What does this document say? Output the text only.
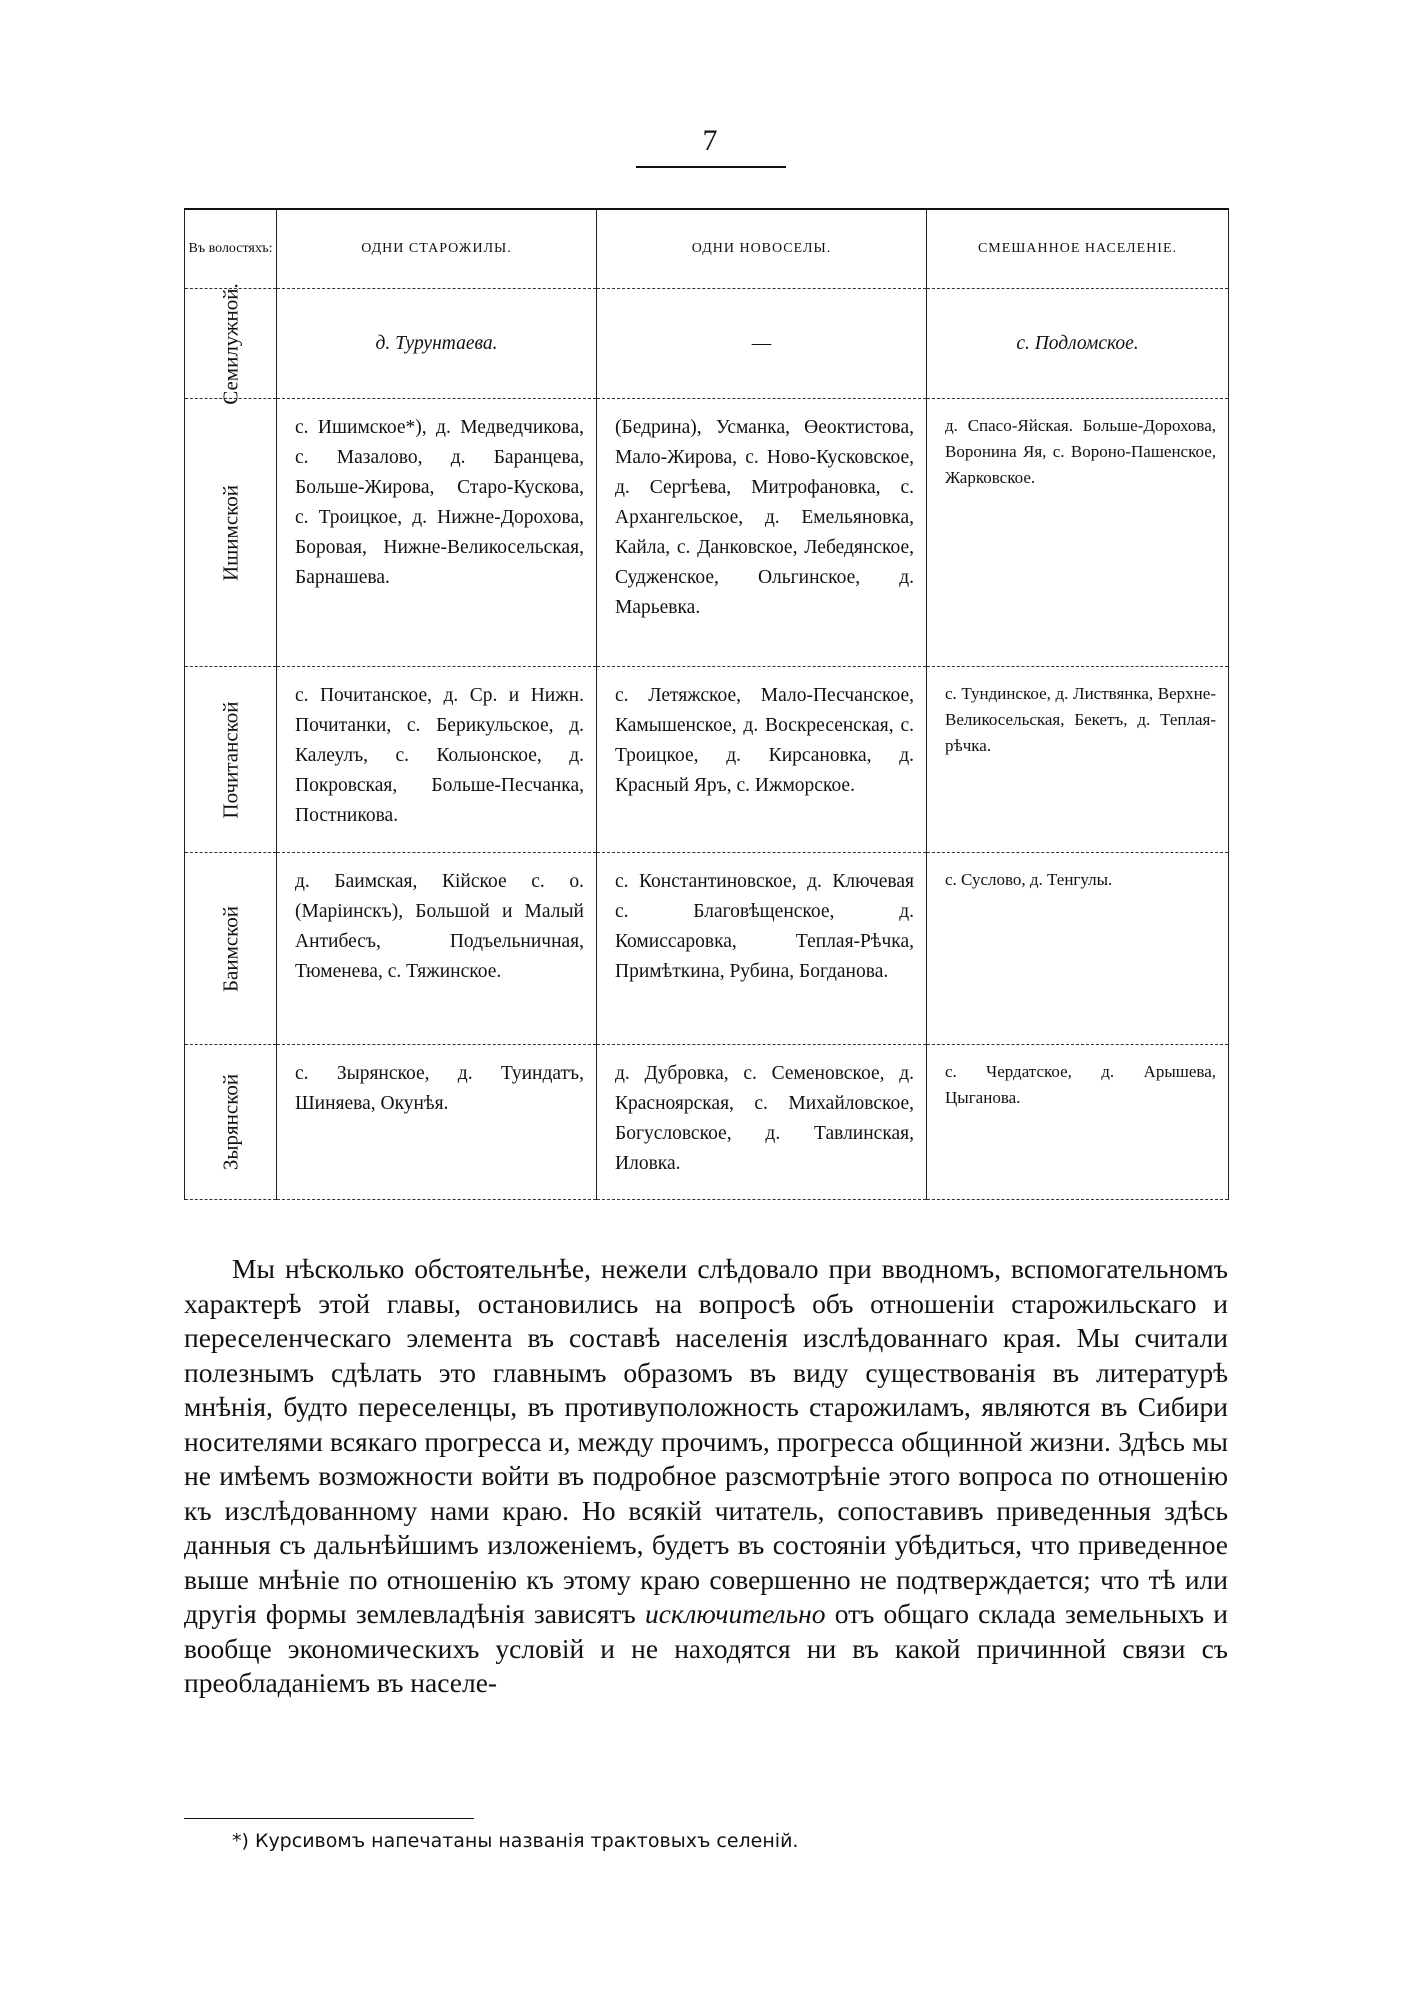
7
Въ волостяхъ:	ОДНИ СТАРОЖИЛЫ.	ОДНИ НОВОСЕЛЫ.	СМЕШАННОЕ НАСЕЛЕНІЕ.

Семилужной.	д. Турунтаева.	—	с. Подломское.

Ишимской	с. Ишимское*), д. Медведчикова, с. Мазалово, д. Баранцева, Больше-Жирова, Старо-Кускова, с. Троицкое, д. Нижне-Дорохова, Боровая, Нижне-Великосельская, Барнашева.	(Бедрина), Усманка, Өеоктистова, Мало-Жирова, с. Ново-Кусковское, д. Сергѣева, Митрофановка, с. Архангельское, д. Емельяновка, Кайла, с. Данковское, Лебедянское, Судженское, Ольгинское, д. Марьевка.	д. Спасо-Яйская. Больше-Дорохова, Воронина Яя, с. Вороно-Пашенское, Жарковское.

Почитанской	с. Почитанское, д. Ср. и Нижн. Почитанки, с. Берикульское, д. Калеулъ, с. Колыонское, д. Покровская, Больше-Песчанка, Постникова.	с. Летяжское, Мало-Песчанское, Камышенское, д. Воскресенская, с. Троицкое, д. Кирсановка, д. Красный Яръ, с. Ижморское.	с. Тундинское, д. Листвянка, Верхне-Великосельская, Бекетъ, д. Теплая-рѣчка.

Баимской	д. Баимская, Кійское с. о. (Маріинскъ), Большой и Малый Антибесъ, Подъельничная, Тюменева, с. Тяжинское.	с. Константиновское, д. Ключевая с. Благовѣщенское, д. Комиссаровка, Теплая-Рѣчка, Примѣткина, Рубина, Богданова.	с. Суслово, д. Тенгулы.

Зырянской	с. Зырянское, д. Туиндатъ, Шиняева, Окунѣя.	д. Дубровка, с. Семеновское, д. Красноярская, с. Михайловское, Богусловское, д. Тавлинская, Иловка.	с. Чердатское, д. Арышева, Цыганова.

Мы нѣсколько обстоятельнѣе, нежели слѣдовало при вводномъ, вспомогательномъ характерѣ этой главы, остановились на вопросѣ объ отношеніи старожильскаго и переселенческаго элемента въ составѣ населенія изслѣдованнаго края. Мы считали полезнымъ сдѣлать это главнымъ образомъ въ виду существованія въ литературѣ мнѣнія, будто переселенцы, въ противуположность старожиламъ, являются въ Сибири носителями всякаго прогресса и, между прочимъ, прогресса общинной жизни. Здѣсь мы не имѣемъ возможности войти въ подробное разсмотрѣніе этого вопроса по отношенію къ изслѣдованному нами краю. Но всякій читатель, сопоставивъ приведенныя здѣсь данныя съ дальнѣйшимъ изложеніемъ, будетъ въ состояніи убѣдиться, что приведенное выше мнѣніе по отношенію къ этому краю совершенно не подтверждается; что тѣ или другія формы землевладѣнія зависятъ исключительно отъ общаго склада земельныхъ и вообще экономическихъ условій и не находятся ни въ какой причинной связи съ преобладаніемъ въ населе-

*) Курсивомъ напечатаны названія трактовыхъ селеній.
